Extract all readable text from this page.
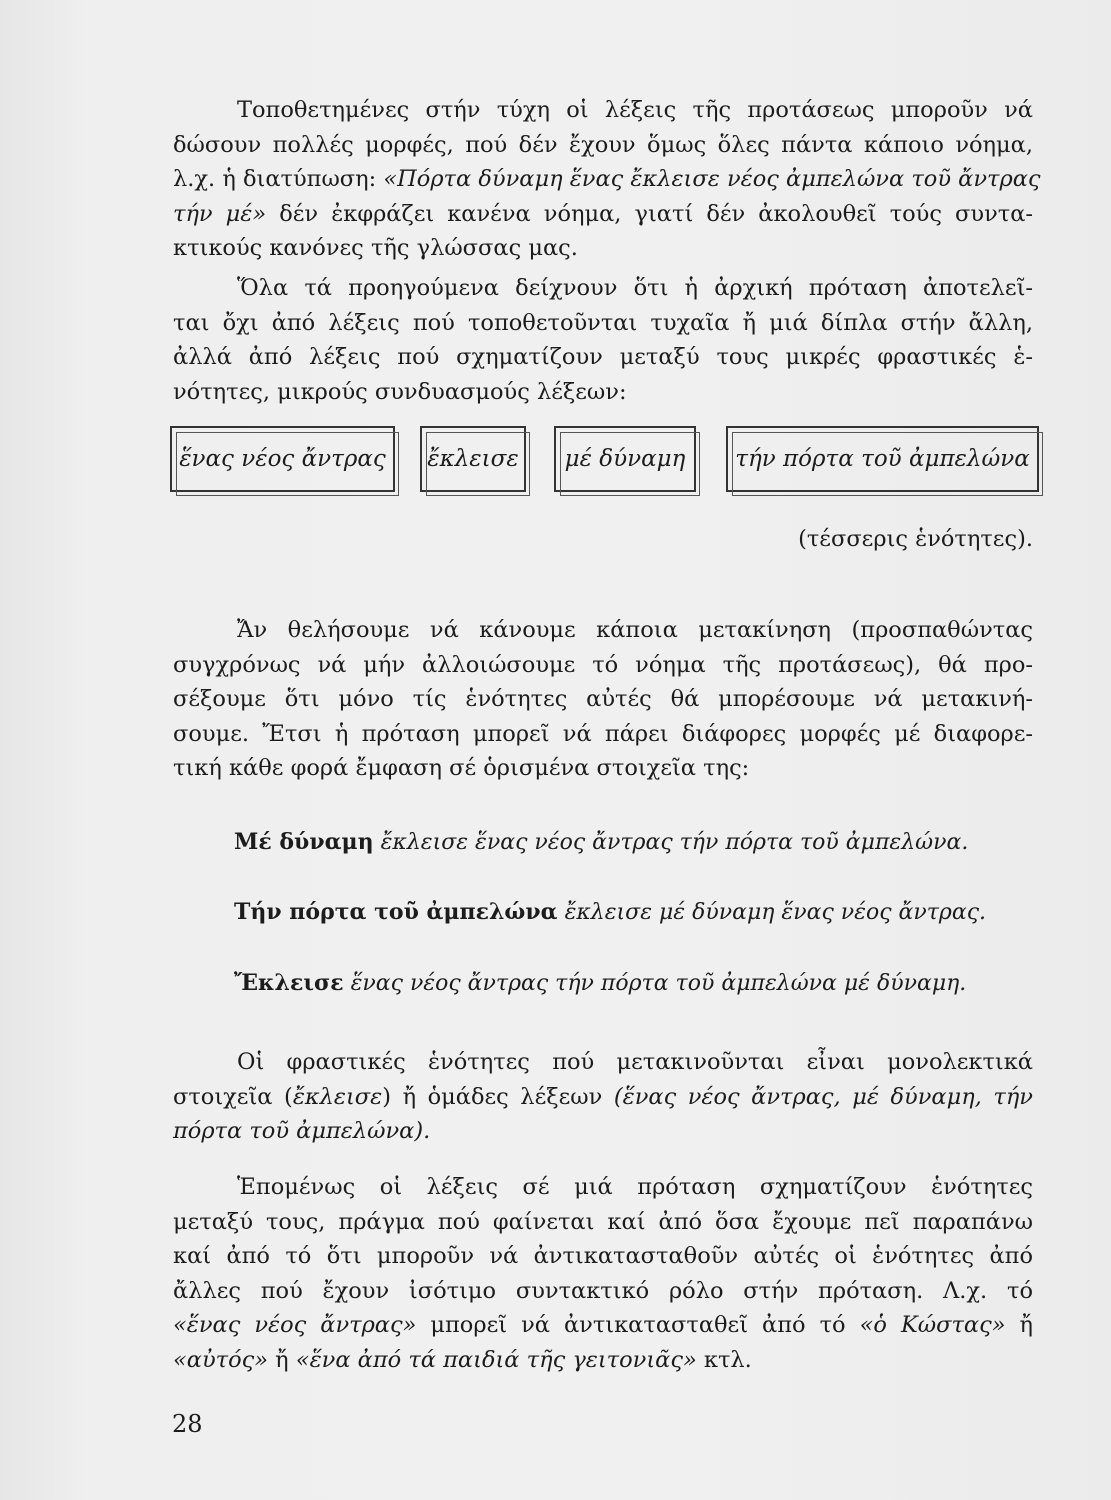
Τοποθετημένες στήν τύχη οἱ λέξεις τῆς προτάσεως μποροῦν νά
δώσουν πολλές μορφές, πού δέν ἔχουν ὅμως ὅλες πάντα κάποιο νόημα,
λ.χ. ἡ διατύπωση: «Πόρτα δύναμη ἕνας ἔκλεισε νέος ἀμπελώνα τοῦ ἄντρας
τήν μέ» δέν ἐκφράζει κανένα νόημα, γιατί δέν ἀκολουθεῖ τούς συντα-
κτικούς κανόνες τῆς γλώσσας μας.
Ὅλα τά προηγούμενα δείχνουν ὅτι ἡ ἀρχική πρόταση ἀποτελεῖ-
ται ὄχι ἀπό λέξεις πού τοποθετοῦνται τυχαῖα ἤ μιά δίπλα στήν ἄλλη,
ἀλλά ἀπό λέξεις πού σχηματίζουν μεταξύ τους μικρές φραστικές ἑ-
νότητες, μικρούς συνδυασμούς λέξεων:
ἕνας νέος ἄντρας	ἔκλεισε	μέ δύναμη	τήν πόρτα τοῦ ἀμπελώνα
(τέσσερις ἑνότητες).
Ἄν θελήσουμε νά κάνουμε κάποια μετακίνηση (προσπαθώντας
συγχρόνως νά μήν ἀλλοιώσουμε τό νόημα τῆς προτάσεως), θά προ-
σέξουμε ὅτι μόνο τίς ἑνότητες αὐτές θά μπορέσουμε νά μετακινή-
σουμε. Ἔτσι ἡ πρόταση μπορεῖ νά πάρει διάφορες μορφές μέ διαφορε-
τική κάθε φορά ἔμφαση σέ ὁρισμένα στοιχεῖα της:
Μέ δύναμη ἔκλεισε ἕνας νέος ἄντρας τήν πόρτα τοῦ ἀμπελώνα.
Τήν πόρτα τοῦ ἀμπελώνα ἔκλεισε μέ δύναμη ἕνας νέος ἄντρας.
Ἔκλεισε ἕνας νέος ἄντρας τήν πόρτα τοῦ ἀμπελώνα μέ δύναμη.
Οἱ φραστικές ἑνότητες πού μετακινοῦνται εἶναι μονολεκτικά
στοιχεῖα (ἔκλεισε) ἤ ὁμάδες λέξεων (ἕνας νέος ἄντρας, μέ δύναμη, τήν
πόρτα τοῦ ἀμπελώνα).
Ἑπομένως οἱ λέξεις σέ μιά πρόταση σχηματίζουν ἑνότητες
μεταξύ τους, πράγμα πού φαίνεται καί ἀπό ὅσα ἔχουμε πεῖ παραπάνω
καί ἀπό τό ὅτι μποροῦν νά ἀντικατασταθοῦν αὐτές οἱ ἑνότητες ἀπό
ἄλλες πού ἔχουν ἰσότιμο συντακτικό ρόλο στήν πρόταση. Λ.χ. τό
«ἕνας νέος ἄντρας» μπορεῖ νά ἀντικατασταθεῖ ἀπό τό «ὁ Κώστας» ἤ
«αὐτός» ἤ «ἕνα ἀπό τά παιδιά τῆς γειτονιᾶς» κτλ.
28
